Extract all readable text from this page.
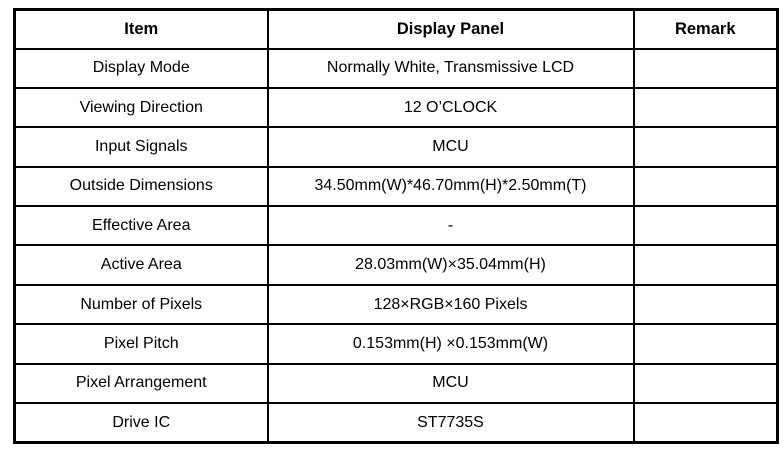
Item	Display Panel	Remark
Display Mode	Normally White, Transmissive LCD	
Viewing Direction	12 O’CLOCK	
Input Signals	MCU	
Outside Dimensions	34.50mm(W)*46.70mm(H)*2.50mm(T)	
Effective Area	-	
Active Area	28.03mm(W)×35.04mm(H)	
Number of Pixels	128×RGB×160 Pixels	
Pixel Pitch	0.153mm(H) ×0.153mm(W)	
Pixel Arrangement	MCU	
Drive IC	ST7735S	
